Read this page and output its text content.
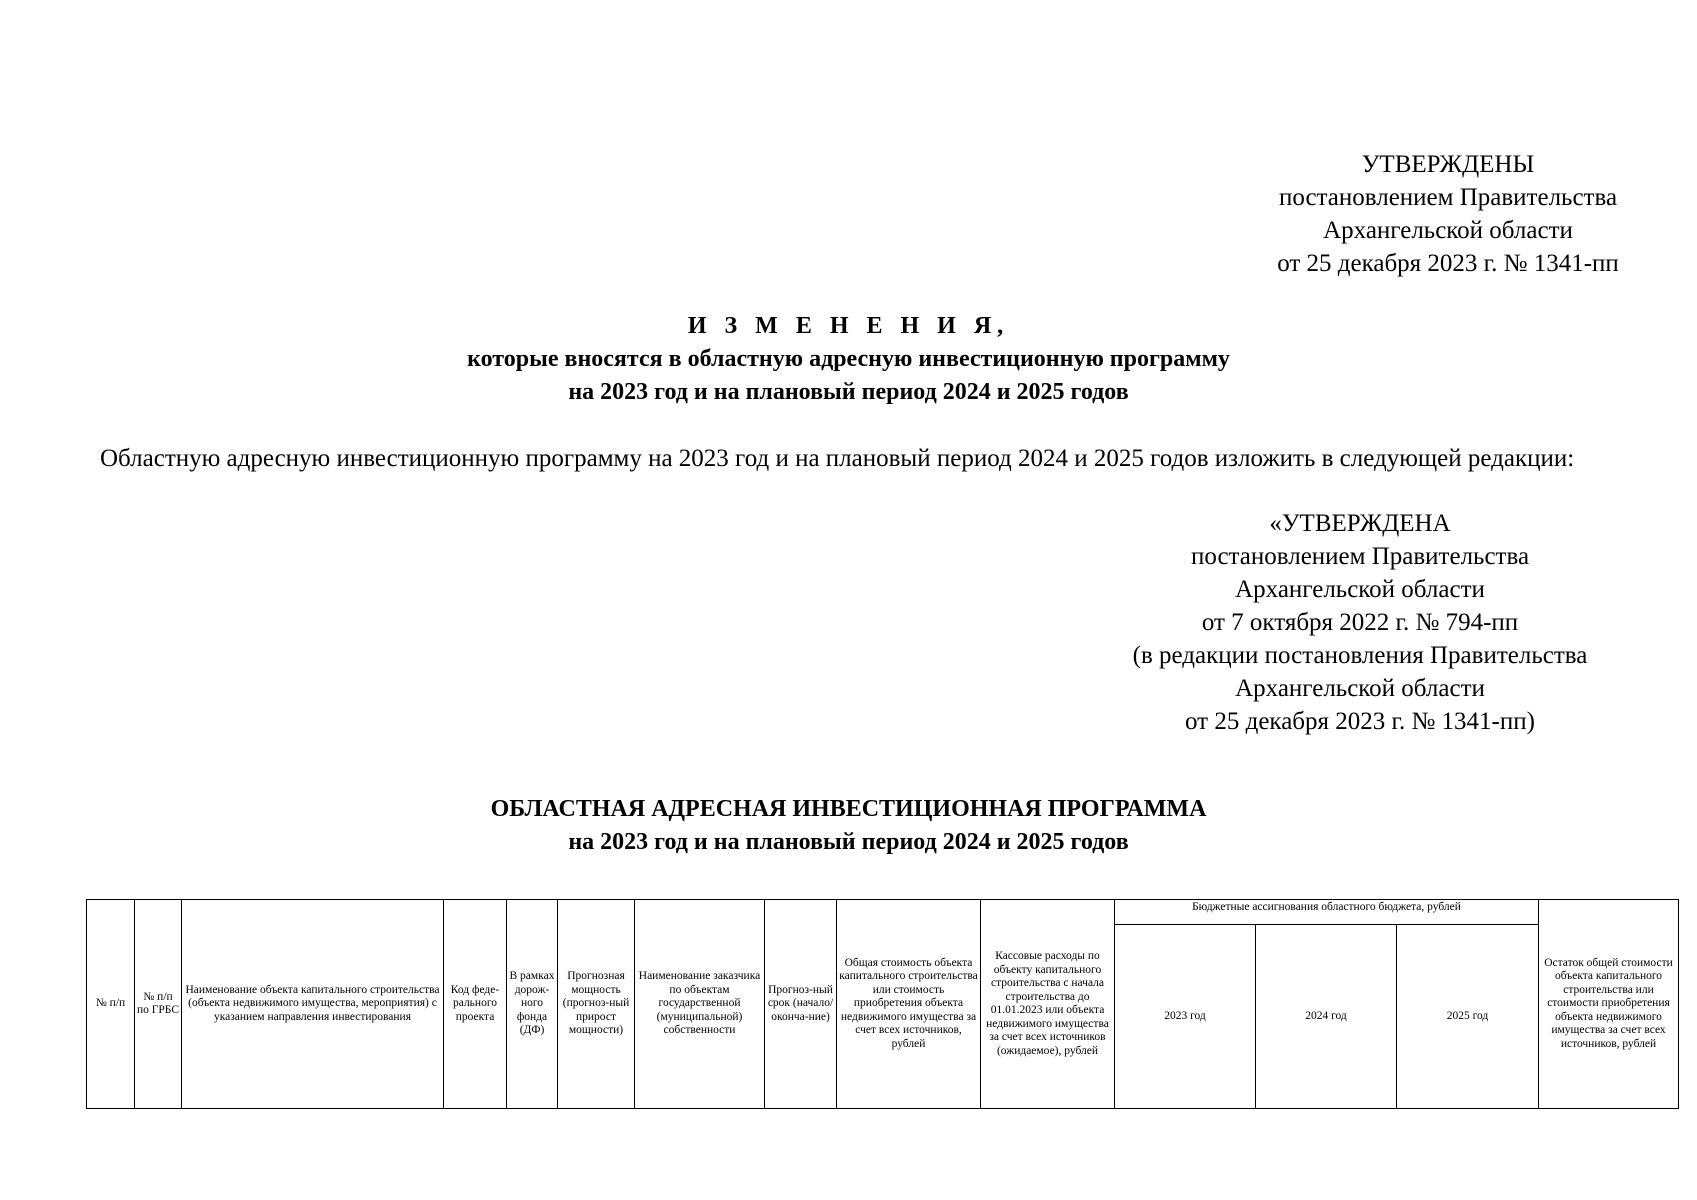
УТВЕРЖДЕНЫ
постановлением Правительства
Архангельской области
от 25 декабря 2023 г. № 1341-пп
И З М Е Н Е Н И Я,
которые вносятся в областную адресную инвестиционную программу
на 2023 год и на плановый период 2024 и 2025 годов
Областную адресную инвестиционную программу на 2023 год и на плановый период 2024 и 2025 годов изложить в следующей редакции:
«УТВЕРЖДЕНА
постановлением Правительства
Архангельской области
от 7 октября 2022 г. № 794-пп
(в редакции постановления Правительства
Архангельской области
от 25 декабря 2023 г. № 1341-пп)
ОБЛАСТНАЯ АДРЕСНАЯ ИНВЕСТИЦИОННАЯ ПРОГРАММА
на 2023 год и на плановый период 2024 и 2025 годов
№ п/п	№ п/п по ГРБС	Наименование объекта капитального строительства (объекта недвижимого имущества, мероприятия) с указанием направления инвестирования	Код феде-рального проекта	В рамках дорож-ного фонда (ДФ)	Прогнозная мощность (прогноз-ный прирост мощности)	Наименование заказчика по объектам государственной (муниципальной) собственности	Прогноз-ный срок (начало/ оконча-ние)	Общая стоимость объекта капитального строительства или стоимость приобретения объекта недвижимого имущества за счет всех источников, рублей	Кассовые расходы по объекту капитального строительства с начала строительства до 01.01.2023 или объекта недвижимого имущества за счет всех источников (ожидаемое), рублей	Бюджетные ассигнования областного бюджета, рублей			Остаток общей стоимости объекта капитального строительства или стоимости приобретения объекта недвижимого имущества за счет всех источников, рублей
										2023 год	2024 год	2025 год	
